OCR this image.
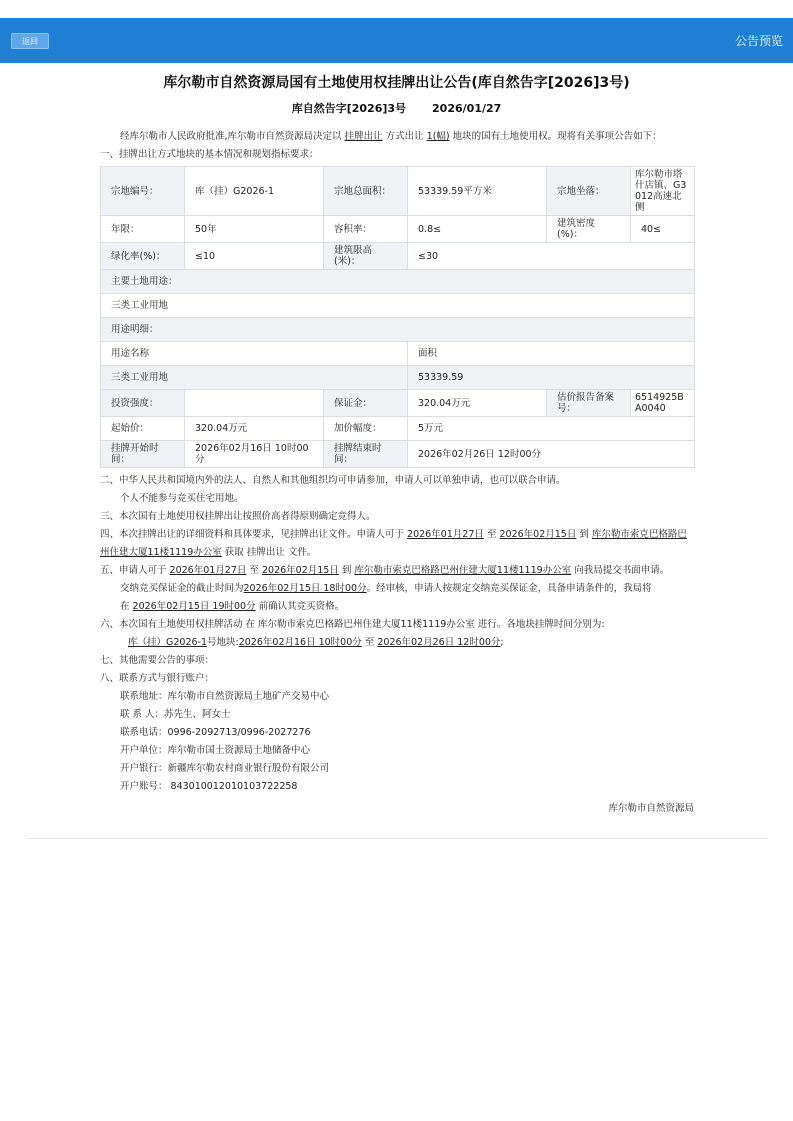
返回	公告预览
库尔勒市自然资源局国有土地使用权挂牌出让公告(库自然告字[2026]3号)
库自然告字[2026]3号 2026/01/27

经库尔勒市人民政府批准,库尔勒市自然资源局决定以 挂牌出让 方式出让 1(幅) 地块的国有土地使用权。现将有关事项公告如下：

一、挂牌出让方式地块的基本情况和规划指标要求：

宗地编号：	库（挂）G2026-1	宗地总面积：	53339.59平方米	宗地坐落：	库尔勒市塔什店镇、G3012高速北侧
年限：	50年	容积率：	0.8≤	建筑密度(%)：	40≤
绿化率(%)：	≤10	建筑限高(米)：	≤30		
主要土地用途：					
三类工业用地					
用途明细：					
用途名称			面积		
三类工业用地			53339.59		
投资强度：		保证金：	320.04万元	估价报告备案号：	6514925BA0040
起始价：	320.04万元	加价幅度：	5万元		
挂牌开始时间：	2026年02月16日 10时00分	挂牌结束时间：	2026年02月26日 12时00分		

二、中华人民共和国境内外的法人、自然人和其他组织均可申请参加，申请人可以单独申请，也可以联合申请。

个人不能参与竞买住宅用地。

三、本次国有土地使用权挂牌出让按照价高者得原则确定竞得人。

四、本次挂牌出让的详细资料和具体要求，见挂牌出让文件。申请人可于 2026年01月27日 至 2026年02月15日 到 库尔勒市索克巴格路巴州住建大厦11楼1119办公室 获取 挂牌出让 文件。

五、申请人可于 2026年01月27日 至 2026年02月15日 到 库尔勒市索克巴格路巴州住建大厦11楼1119办公室 向我局提交书面申请。

交纳竞买保证金的截止时间为2026年02月15日 18时00分。经审核，申请人按规定交纳竞买保证金，具备申请条件的，我局将

在 2026年02月15日 19时00分 前确认其竞买资格。

六、本次国有土地使用权挂牌活动 在 库尔勒市索克巴格路巴州住建大厦11楼1119办公室 进行。各地块挂牌时间分别为:

库（挂）G2026-1号地块:2026年02月16日 10时00分 至 2026年02月26日 12时00分;

七、其他需要公告的事项：

八、联系方式与银行账户：

联系地址：库尔勒市自然资源局土地矿产交易中心

联 系 人：苏先生、阿女士

联系电话：0996-2092713/0996-2027276

开户单位：库尔勒市国土资源局土地储备中心

开户银行：新疆库尔勒农村商业银行股份有限公司

开户账号： 843010012010103722258

库尔勒市自然资源局
